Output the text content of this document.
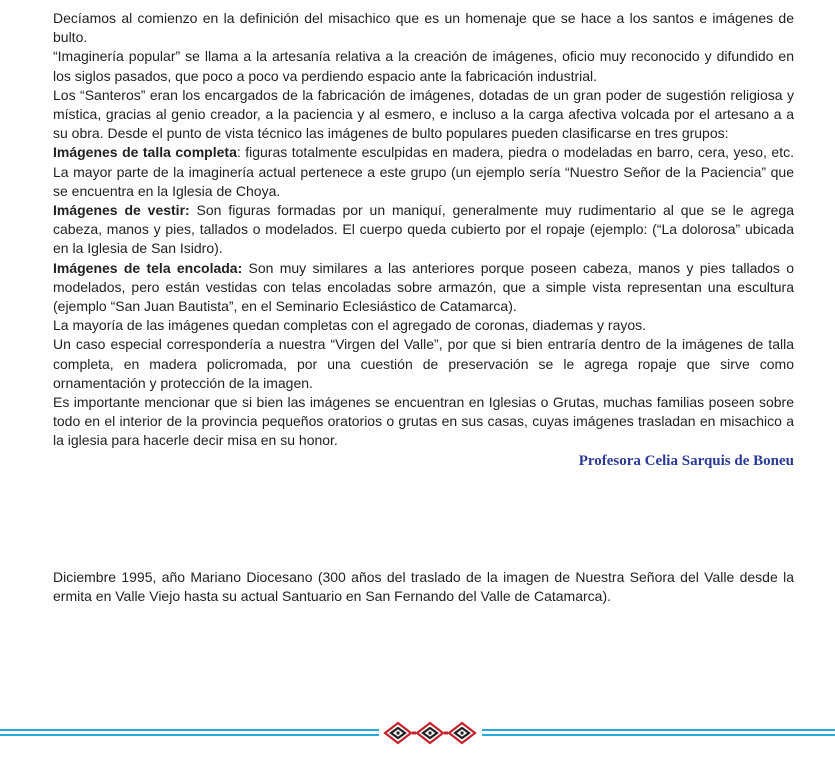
Decíamos al comienzo en la definición del misachico que es un homenaje que se hace a los santos e imágenes de bulto.

“Imaginería popular” se llama a la artesanía relativa a la creación de imágenes, oficio muy reconocido y difundido en los siglos pasados, que poco a poco va perdiendo espacio ante la fabricación industrial.

Los “Santeros” eran los encargados de la fabricación de imágenes, dotadas de un gran poder de sugestión religiosa y mística, gracias al genio creador, a la paciencia y al esmero, e incluso a la carga afectiva volcada por el artesano a a su obra. Desde el punto de vista técnico las imágenes de bulto populares pueden clasificarse en tres grupos:

Imágenes de talla completa: figuras totalmente esculpidas en madera, piedra o modeladas en barro, cera, yeso, etc. La mayor parte de la imaginería actual pertenece a este grupo (un ejemplo sería “Nuestro Señor de la Paciencia” que se encuentra en la Iglesia de Choya.

Imágenes de vestir: Son figuras formadas por un maniquí, generalmente muy rudimentario al que se le agrega cabeza, manos y pies, tallados o modelados. El cuerpo queda cubierto por el ropaje (ejemplo: (“La dolorosa” ubicada en la Iglesia de San Isidro).

Imágenes de tela encolada: Son muy similares a las anteriores porque poseen cabeza, manos y pies tallados o modelados, pero están vestidas con telas encoladas sobre armazón, que a simple vista representan una escultura (ejemplo “San Juan Bautista”, en el Seminario Eclesiástico de Catamarca).

La mayoría de las imágenes quedan completas con el agregado de coronas, diademas y rayos.

Un caso especial correspondería a nuestra “Virgen del Valle”, por que si bien entraría dentro de la imágenes de talla completa, en madera policromada, por una cuestión de preservación se le agrega ropaje que sirve como ornamentación y protección de la imagen.

Es importante mencionar que si bien las imágenes se encuentran en Iglesias o Grutas, muchas familias poseen sobre todo en el interior de la provincia pequeños oratorios o grutas en sus casas, cuyas imágenes trasladan en misachico a la iglesia para hacerle decir misa en su honor.

Profesora Celia Sarquis de Boneu
Diciembre 1995, año Mariano Diocesano (300 años del traslado de la imagen de Nuestra Señora del Valle desde la ermita en Valle Viejo hasta su actual Santuario en San Fernando del Valle de Catamarca).
